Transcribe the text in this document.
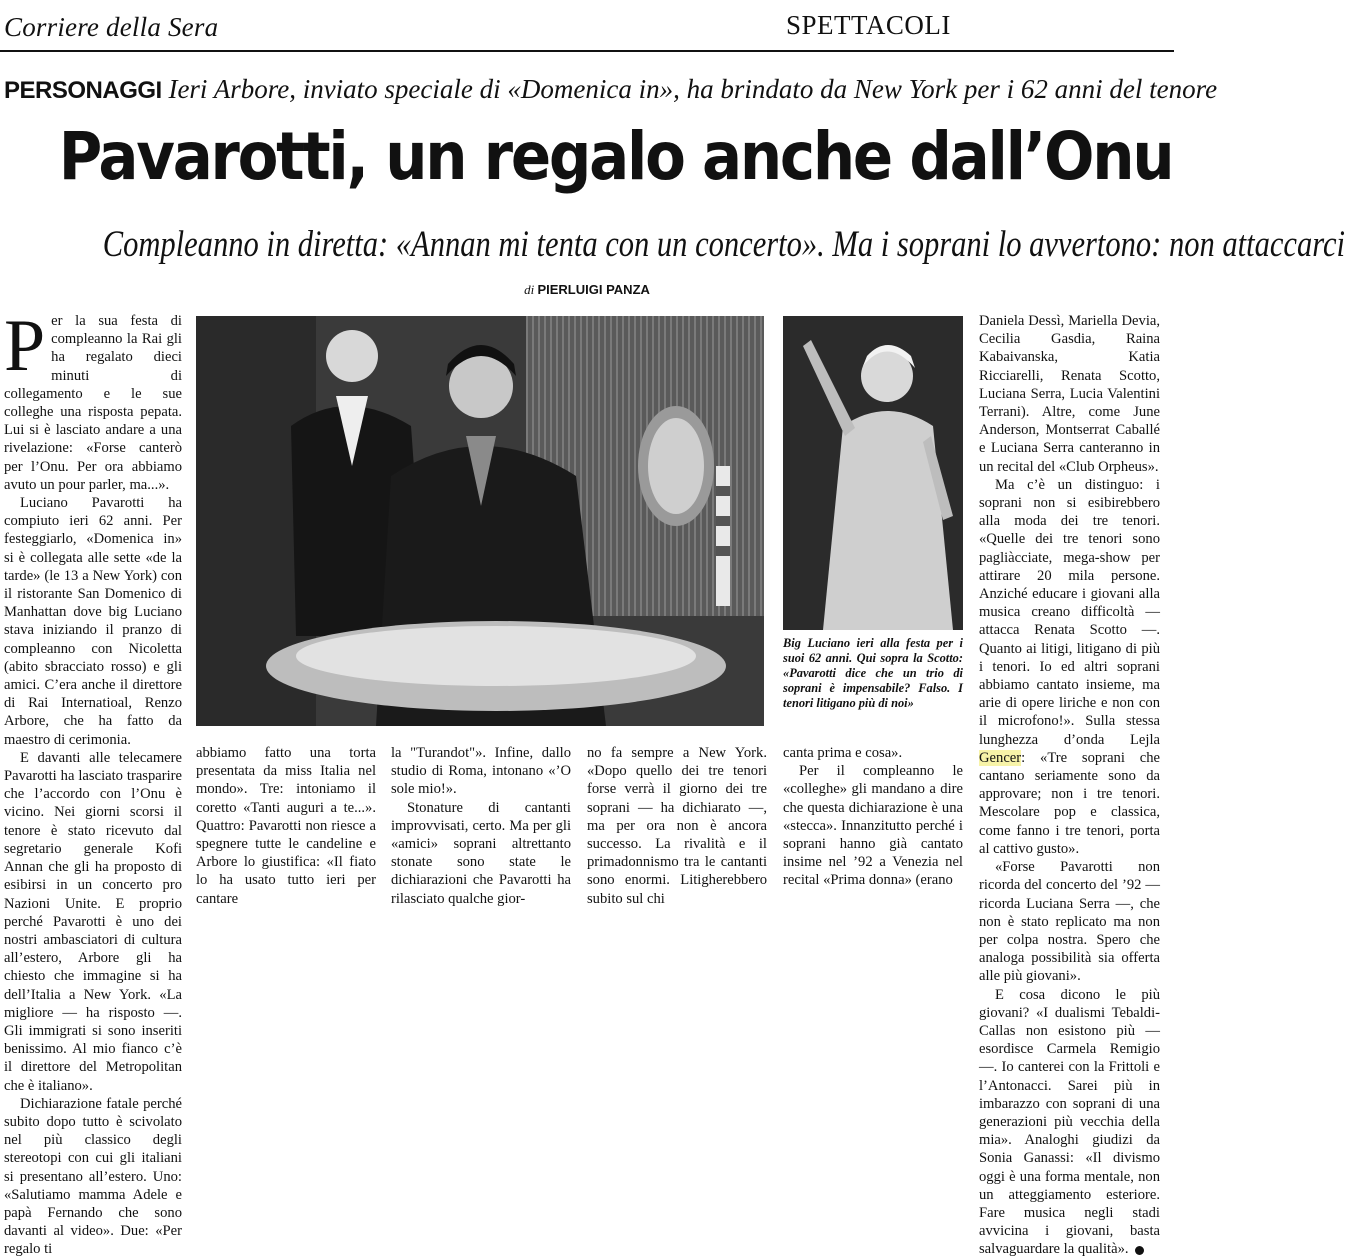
Corriere della Sera	SPETTACOLI
PERSONAGGI Ieri Arbore, inviato speciale di «Domenica in», ha brindato da New York per i 62 anni del tenore
Pavarotti, un regalo anche dall’Onu
Compleanno in diretta: «Annan mi tenta con un concerto». Ma i soprani lo avvertono: non attaccarci
di PIERLUIGI PANZA

Per la sua festa di compleanno la Rai gli ha regalato dieci minuti di collegamento e le sue colleghe una risposta pepata. Lui si è lasciato andare a una rivelazione: «Forse canterò per l’Onu. Per ora abbiamo avuto un pour parler, ma...».

Luciano Pavarotti ha compiuto ieri 62 anni. Per festeggiarlo, «Domenica in» si è collegata alle sette «de la tarde» (le 13 a New York) con il ristorante San Domenico di Manhattan dove big Luciano stava iniziando il pranzo di compleanno con Nicoletta (abito sbracciato rosso) e gli amici. C’era anche il direttore di Rai Internatioal, Renzo Arbore, che ha fatto da maestro di cerimonia.

E davanti alle telecamere Pavarotti ha lasciato trasparire che l’accordo con l’Onu è vicino. Nei giorni scorsi il tenore è stato ricevuto dal segretario generale Kofi Annan che gli ha proposto di esibirsi in un concerto pro Nazioni Unite. E proprio perché Pavarotti è uno dei nostri ambasciatori di cultura all’estero, Arbore gli ha chiesto che immagine si ha dell’Italia a New York. «La migliore — ha risposto —. Gli immigrati si sono inseriti benissimo. Al mio fianco c’è il direttore del Metropolitan che è italiano».

Dichiarazione fatale perché subito dopo tutto è scivolato nel più classico degli stereotopi con cui gli italiani si presentano all’estero. Uno: «Salutiamo mamma Adele e papà Fernando che sono davanti al video». Due: «Per regalo ti

Big Luciano ieri alla festa per i suoi 62 anni. Qui sopra la Scotto: «Pavarotti dice che un trio di soprani è impensabile? Falso. I tenori litigano più di noi»

abbiamo fatto una torta presentata da miss Italia nel mondo». Tre: intoniamo il coretto «Tanti auguri a te...». Quattro: Pavarotti non riesce a spegnere tutte le candeline e Arbore lo giustifica: «Il fiato lo ha usato tutto ieri per cantare

la "Turandot"». Infine, dallo studio di Roma, intonano «’O sole mio!».

Stonature di cantanti improvvisati, certo. Ma per gli «amici» soprani altrettanto stonate sono state le dichiarazioni che Pavarotti ha rilasciato qualche gior-

no fa sempre a New York. «Dopo quello dei tre tenori forse verrà il giorno dei tre soprani — ha dichiarato —, ma per ora non è ancora successo. La rivalità e il primadonnismo tra le cantanti sono enormi. Litigherebbero subito sul chi

canta prima e cosa».

Per il compleanno le «colleghe» gli mandano a dire che questa dichiarazione è una «stecca». Innanzitutto perché i soprani hanno già cantato insime nel ’92 a Venezia nel recital «Prima donna» (erano

Daniela Dessì, Mariella Devia, Cecilia Gasdia, Raina Kabaivanska, Katia Ricciarelli, Renata Scotto, Luciana Serra, Lucia Valentini Terrani). Altre, come June Anderson, Montserrat Caballé e Luciana Serra canteranno in un recital del «Club Orpheus».

Ma c’è un distinguo: i soprani non si esibirebbero alla moda dei tre tenori. «Quelle dei tre tenori sono pagliàcciate, mega-show per attirare 20 mila persone. Anziché educare i giovani alla musica creano difficoltà — attacca Renata Scotto —. Quanto ai litigi, litigano di più i tenori. Io ed altri soprani abbiamo cantato insieme, ma arie di opere liriche e non con il microfono!». Sulla stessa lunghezza d’onda Lejla Gencer: «Tre soprani che cantano seriamente sono da approvare; non i tre tenori. Mescolare pop e classica, come fanno i tre tenori, porta al cattivo gusto».

«Forse Pavarotti non ricorda del concerto del ’92 — ricorda Luciana Serra —, che non è stato replicato ma non per colpa nostra. Spero che analoga possibilità sia offerta alle più giovani».

E cosa dicono le più giovani? «I dualismi Tebaldi-Callas non esistono più — esordisce Carmela Remigio —. Io canterei con la Frittoli e l’Antonacci. Sarei più in imbarazzo con soprani di una generazioni più vecchia della mia». Analoghi giudizi da Sonia Ganassi: «Il divismo oggi è una forma mentale, non un atteggiamento esteriore. Fare musica negli stadi avvicina i giovani, basta salvaguardare la qualità».
